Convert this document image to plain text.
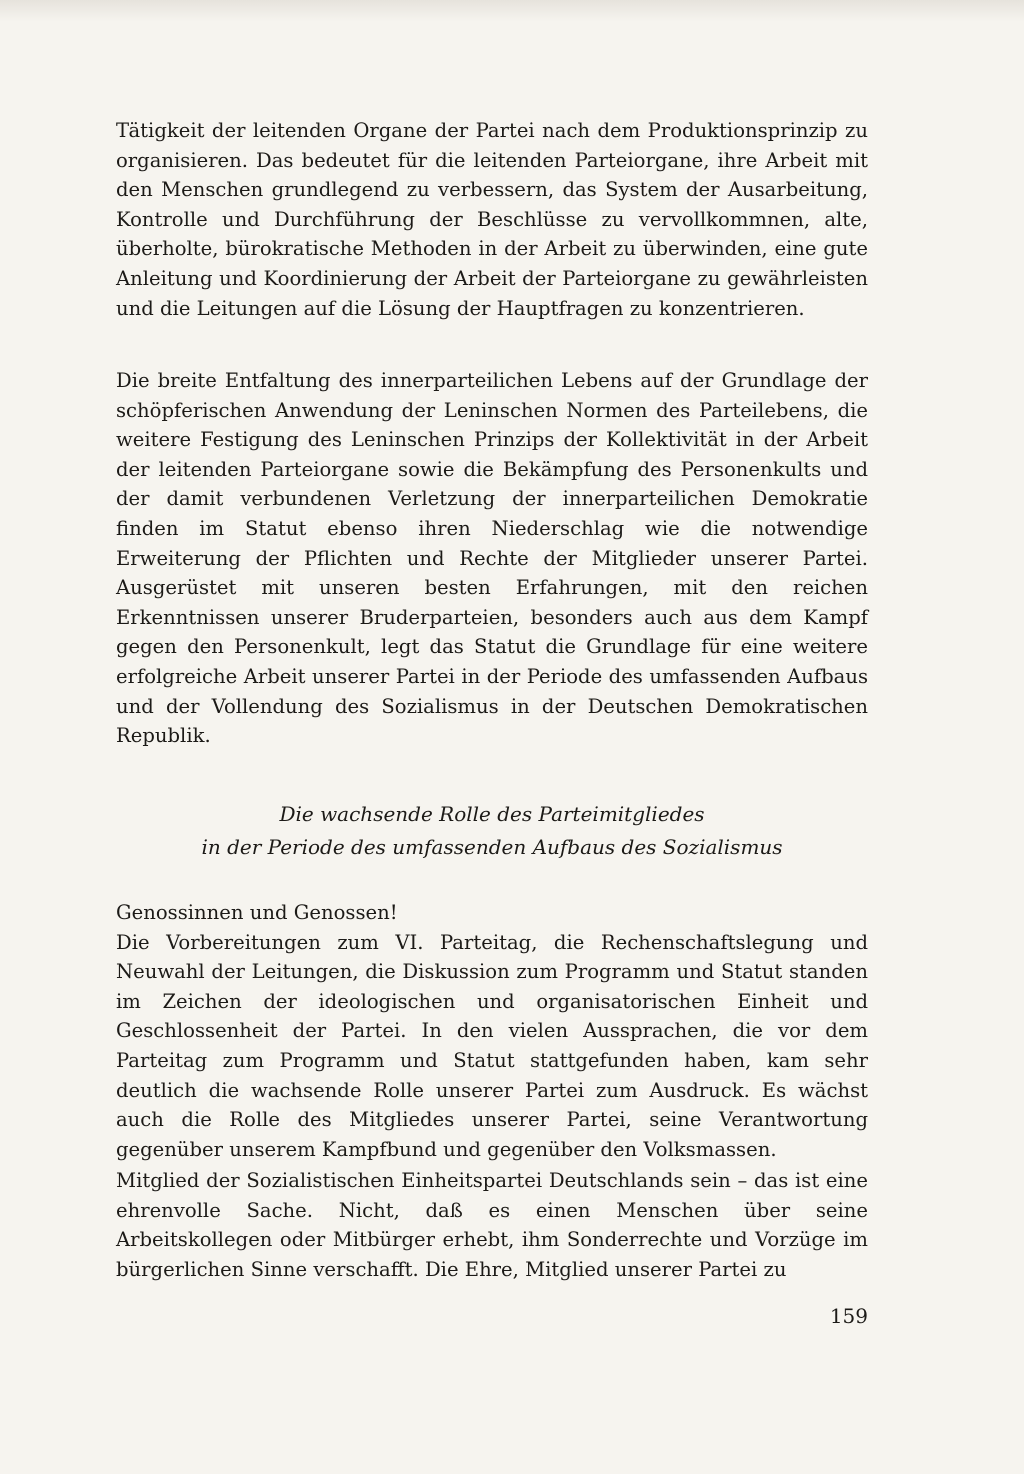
Tätigkeit der leitenden Organe der Partei nach dem Produktionsprinzip zu organisieren. Das bedeutet für die leitenden Parteiorgane, ihre Arbeit mit den Menschen grundlegend zu verbessern, das System der Ausarbeitung, Kontrolle und Durchführung der Beschlüsse zu vervollkommnen, alte, überholte, bürokratische Methoden in der Arbeit zu überwinden, eine gute Anleitung und Koordinierung der Arbeit der Parteiorgane zu gewährleisten und die Leitungen auf die Lösung der Hauptfragen zu konzentrieren.

Die breite Entfaltung des innerparteilichen Lebens auf der Grundlage der schöpferischen Anwendung der Leninschen Normen des Parteilebens, die weitere Festigung des Leninschen Prinzips der Kollektivität in der Arbeit der leitenden Parteiorgane sowie die Bekämpfung des Personenkults und der damit verbundenen Verletzung der innerparteilichen Demokratie finden im Statut ebenso ihren Niederschlag wie die notwendige Erweiterung der Pflichten und Rechte der Mitglieder unserer Partei. Ausgerüstet mit unseren besten Erfahrungen, mit den reichen Erkenntnissen unserer Bruderparteien, besonders auch aus dem Kampf gegen den Personenkult, legt das Statut die Grundlage für eine weitere erfolgreiche Arbeit unserer Partei in der Periode des umfassenden Aufbaus und der Vollendung des Sozialismus in der Deutschen Demokratischen Republik.

Die wachsende Rolle des Parteimitgliedes
in der Periode des umfassenden Aufbaus des Sozialismus

Genossinnen und Genossen!

Die Vorbereitungen zum VI. Parteitag, die Rechenschaftslegung und Neuwahl der Leitungen, die Diskussion zum Programm und Statut standen im Zeichen der ideologischen und organisatorischen Einheit und Geschlossenheit der Partei. In den vielen Aussprachen, die vor dem Parteitag zum Programm und Statut stattgefunden haben, kam sehr deutlich die wachsende Rolle unserer Partei zum Ausdruck. Es wächst auch die Rolle des Mitgliedes unserer Partei, seine Verantwortung gegenüber unserem Kampfbund und gegenüber den Volksmassen.

Mitglied der Sozialistischen Einheitspartei Deutschlands sein – das ist eine ehrenvolle Sache. Nicht, daß es einen Menschen über seine Arbeitskollegen oder Mitbürger erhebt, ihm Sonderrechte und Vorzüge im bürgerlichen Sinne verschafft. Die Ehre, Mitglied unserer Partei zu

159
